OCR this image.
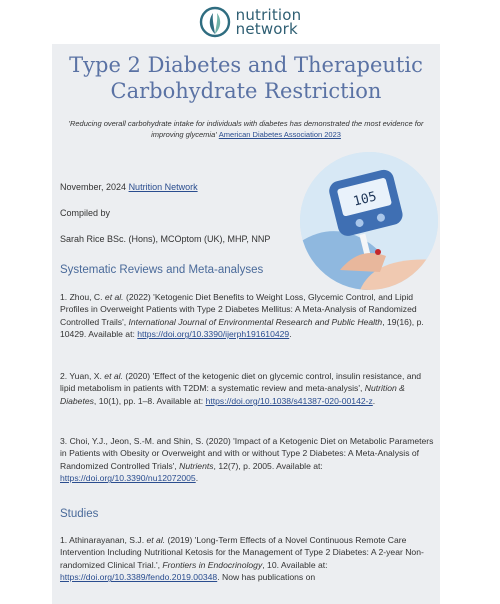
nutrition
network
Type 2 Diabetes and Therapeutic Carbohydrate Restriction

'Reducing overall carbohydrate intake for individuals with diabetes has demonstrated the most evidence for improving glycemia' American Diabetes Association 2023

105

November, 2024 Nutrition Network

Compiled by

Sarah Rice BSc. (Hons), MCOptom (UK), MHP, NNP

Systematic Reviews and Meta-analyses
1. Zhou, C. et al. (2022) 'Ketogenic Diet Benefits to Weight Loss, Glycemic Control, and Lipid Profiles in Overweight Patients with Type 2 Diabetes Mellitus: A Meta-Analysis of Randomized Controlled Trails', International Journal of Environmental Research and Public Health, 19(16), p. 10429. Available at: https://doi.org/10.3390/ijerph191610429.
2. Yuan, X. et al. (2020) 'Effect of the ketogenic diet on glycemic control, insulin resistance, and lipid metabolism in patients with T2DM: a systematic review and meta-analysis', Nutrition & Diabetes, 10(1), pp. 1–8. Available at: https://doi.org/10.1038/s41387-020-00142-z.
3. Choi, Y.J., Jeon, S.-M. and Shin, S. (2020) 'Impact of a Ketogenic Diet on Metabolic Parameters in Patients with Obesity or Overweight and with or without Type 2 Diabetes: A Meta-Analysis of Randomized Controlled Trials', Nutrients, 12(7), p. 2005. Available at: https://doi.org/10.3390/nu12072005.
Studies
1. Athinarayanan, S.J. et al. (2019) 'Long-Term Effects of a Novel Continuous Remote Care Intervention Including Nutritional Ketosis for the Management of Type 2 Diabetes: A 2-year Non-randomized Clinical Trial.', Frontiers in Endocrinology, 10. Available at: https://doi.org/10.3389/fendo.2019.00348. Now has publications on
